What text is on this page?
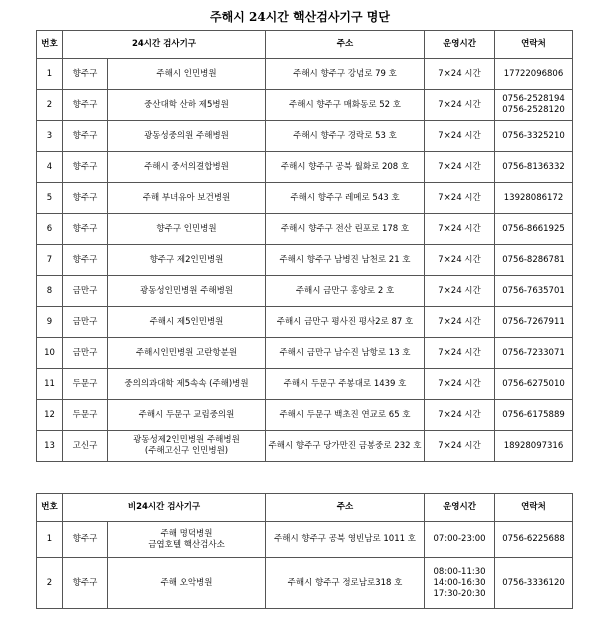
주해시 24시간 핵산검사기구 명단
번호	24시간 검사기구		주소	운영시간	연락처
1	향주구	주해시 인민병원	주해시 향주구 강념로 79 호	7×24 시간	17722096806
2	향주구	중산대학 산하 제5병원	주해시 향주구 매화동로 52 호	7×24 시간	0756-2528194
0756-2528120
3	향주구	광동성중의원 주해병원	주해시 향주구 경락로 53 호	7×24 시간	0756-3325210
4	향주구	주해시 중서의결합병원	주해시 향주구 공북 월화로 208 호	7×24 시간	0756-8136332
5	향주구	주해 부녀유아 보건병원	주해시 향주구 레메로 543 호	7×24 시간	13928086172
6	향주구	향주구 인민병원	주해시 향주구 전산 린포로 178 호	7×24 시간	0756-8661925
7	향주구	향주구 제2인민병원	주해시 향주구 남병진 남천로 21 호	7×24 시간	0756-8286781
8	금만구	광동성인민병원 주해병원	주해시 금만구 홍양로 2 호	7×24 시간	0756-7635701
9	금만구	주해시 제5인민병원	주해시 금만구 평사진 평사2로 87 호	7×24 시간	0756-7267911
10	금만구	주해시인민병원 고란항분원	주해시 금만구 남수진 남항로 13 호	7×24 시간	0756-7233071
11	두문구	중의의과대학 제5속속 (주해)병원	주해시 두문구 주봉대로 1439 호	7×24 시간	0756-6275010
12	두문구	주해시 두문구 교림중의원	주해시 두문구 백초진 연교로 65 호	7×24 시간	0756-6175889
13	고신구	광동성제2인민병원 주해병원
(주해고신구 인민병원)	주해시 향주구 당가만진 금봉중로 232 호	7×24 시간	18928097316
번호	비24시간 검사기구		주소	운영시간	연락처
1	향주구	주해 명덕병원
금엽호텔 핵산검사소	주해시 향주구 공북 영빈남로 1011 호	07:00-23:00	0756-6225688
2	향주구	주해 오악병원	주해시 향주구 정로남로318 호	08:00-11:30
14:00-16:30
17:30-20:30	0756-3336120
